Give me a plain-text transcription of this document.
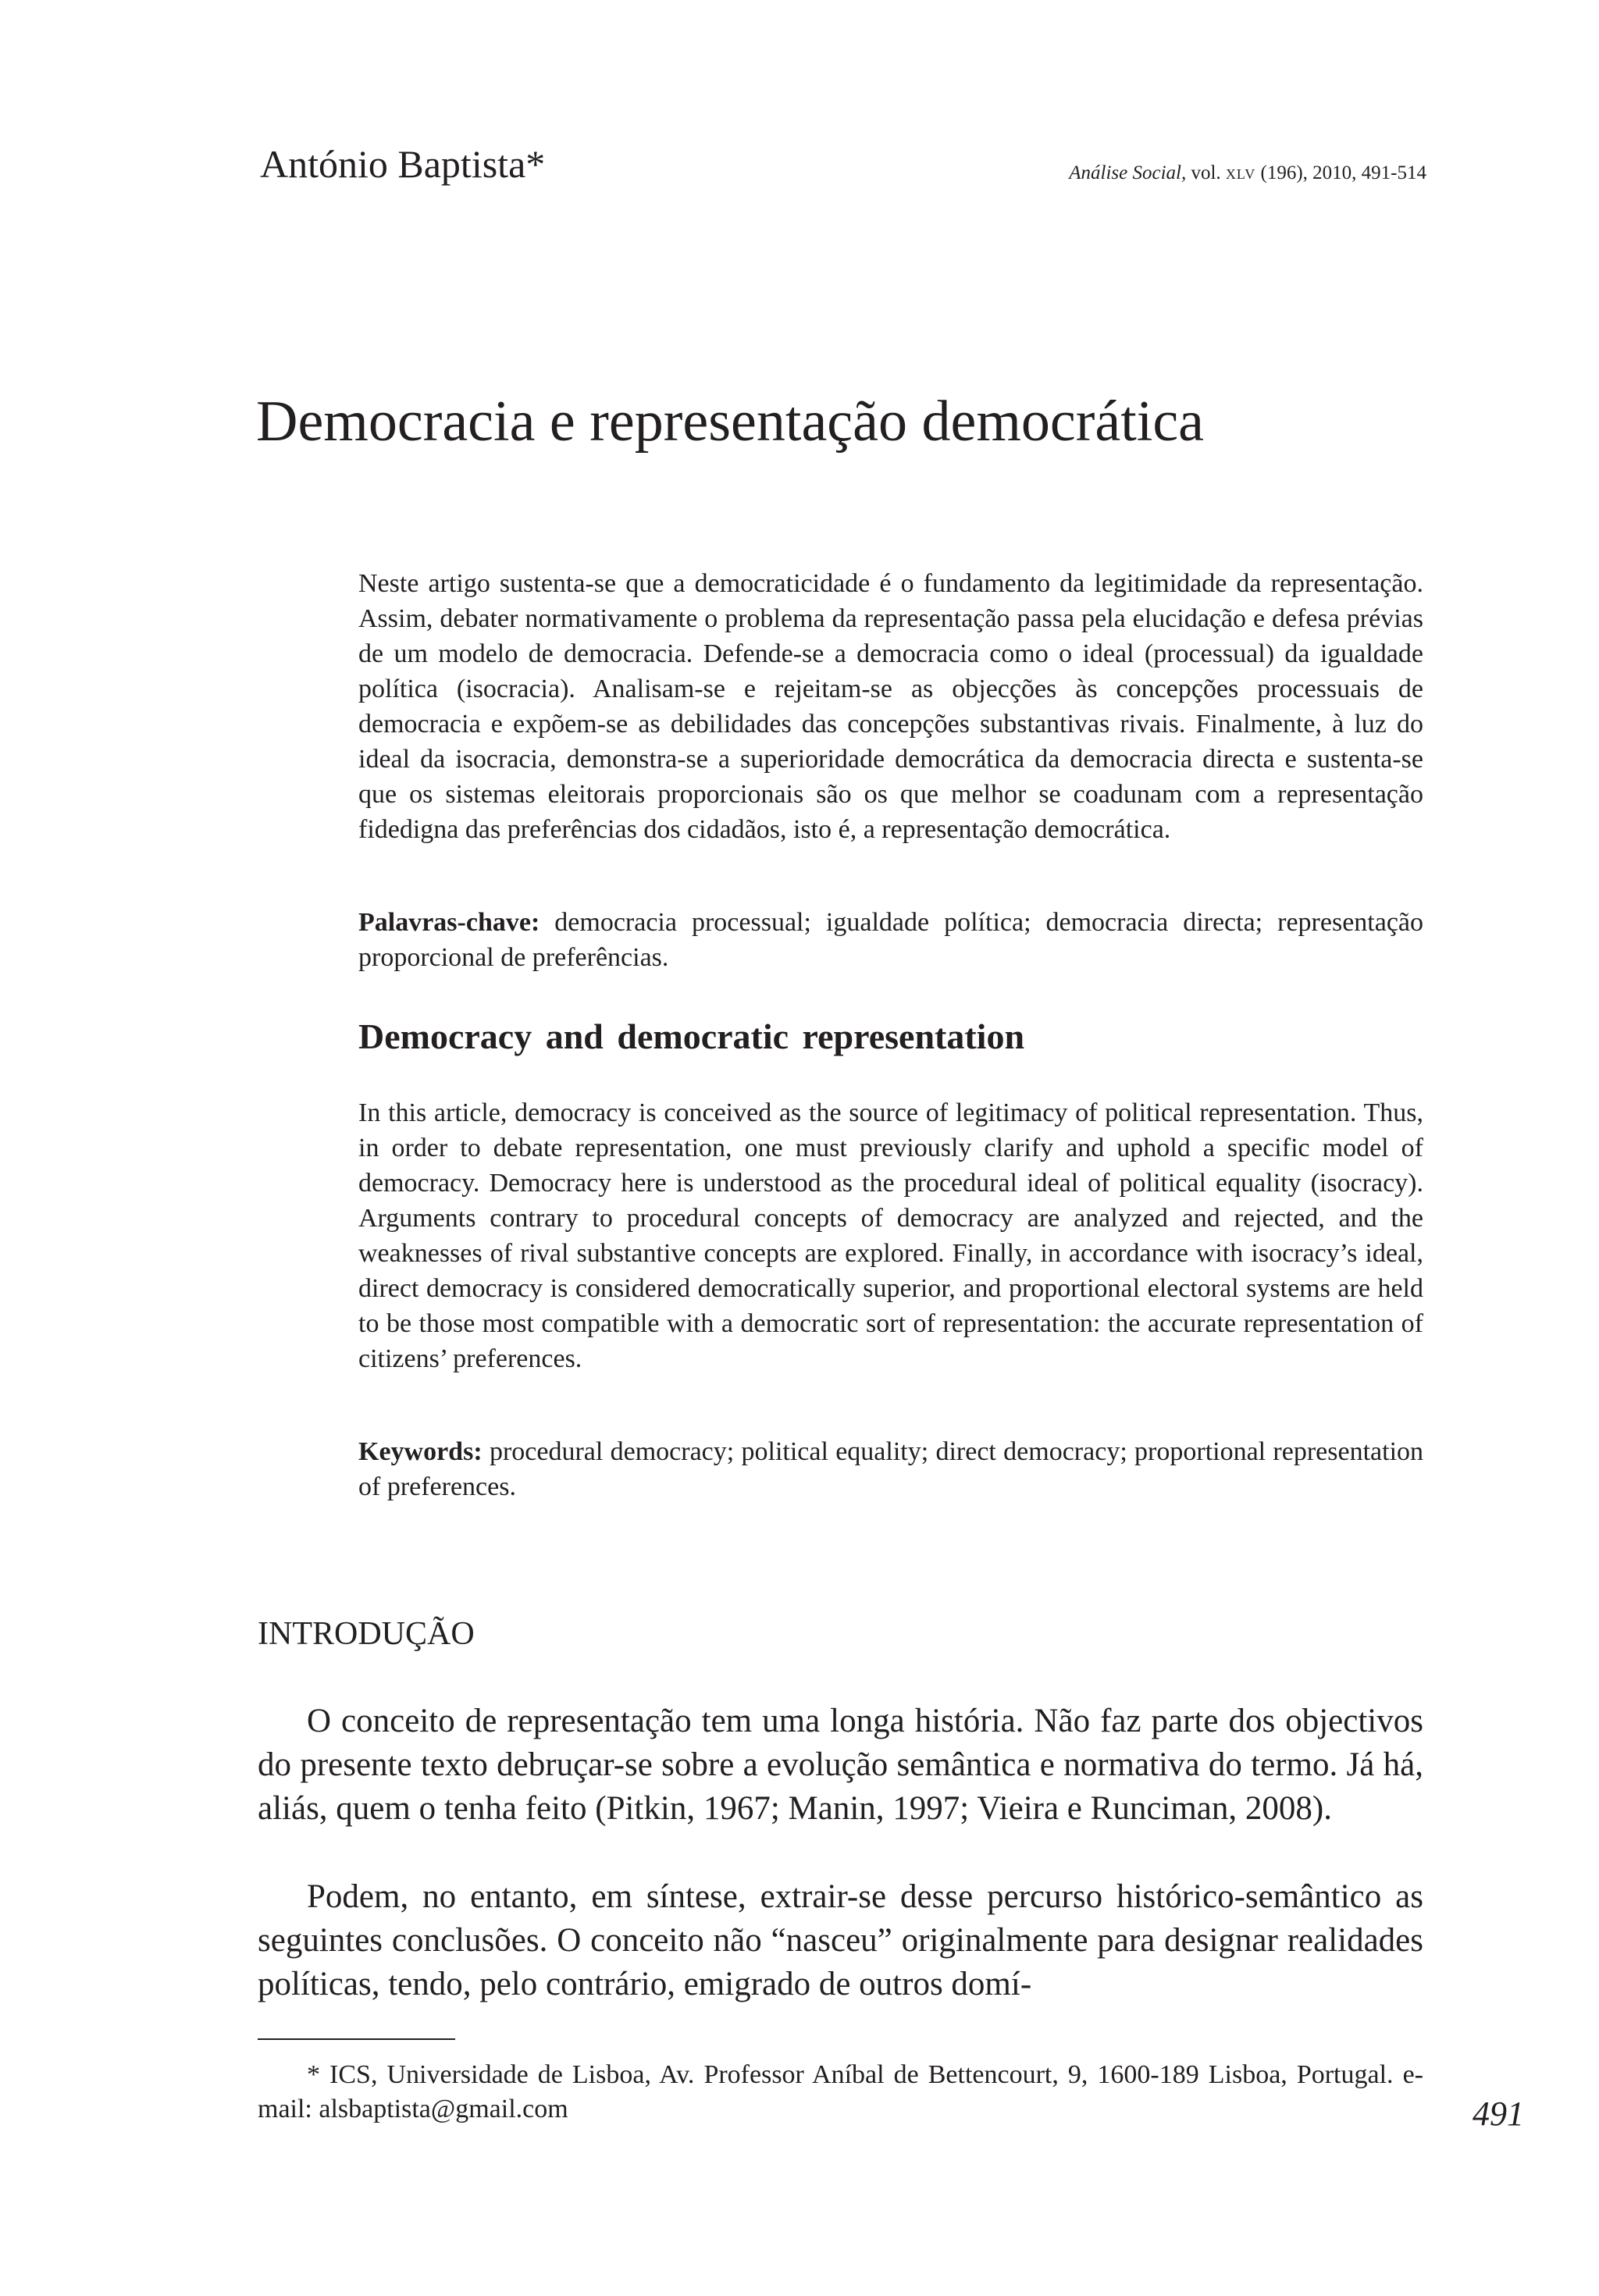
António Baptista*	Análise Social, vol. XLV (196), 2010, 491-514
Democracia e representação democrática

Neste artigo sustenta-se que a democraticidade é o fundamento da legitimidade da representação. Assim, debater normativamente o problema da representação passa pela elucidação e defesa prévias de um modelo de democracia. Defende-se a democracia como o ideal (processual) da igualdade política (isocracia). Analisam-se e rejeitam-se as objecções às concepções processuais de democracia e expõem-se as debilidades das concepções substantivas rivais. Finalmente, à luz do ideal da isocracia, demonstra-se a superioridade democrática da democracia directa e sustenta-se que os sistemas eleitorais proporcionais são os que melhor se coadunam com a representação fidedigna das preferências dos cidadãos, isto é, a representação democrática.

Palavras-chave: democracia processual; igualdade política; democracia directa; representação proporcional de preferências.

Democracy and democratic representation

In this article, democracy is conceived as the source of legitimacy of political representation. Thus, in order to debate representation, one must previously clarify and uphold a specific model of democracy. Democracy here is understood as the procedural ideal of political equality (isocracy). Arguments contrary to procedural concepts of democracy are analyzed and rejected, and the weaknesses of rival substantive concepts are explored. Finally, in accordance with isocracy’s ideal, direct democracy is considered democratically superior, and proportional electoral systems are held to be those most compatible with a democratic sort of representation: the accurate representation of citizens’ preferences.

Keywords: procedural democracy; political equality; direct democracy; proportional representation of preferences.

INTRODUÇÃO

O conceito de representação tem uma longa história. Não faz parte dos objectivos do presente texto debruçar-se sobre a evolução semântica e normativa do termo. Já há, aliás, quem o tenha feito (Pitkin, 1967; Manin, 1997; Vieira e Runciman, 2008).

Podem, no entanto, em síntese, extrair-se desse percurso histórico-semântico as seguintes conclusões. O conceito não “nasceu” originalmente para designar realidades políticas, tendo, pelo contrário, emigrado de outros domí-

* ICS, Universidade de Lisboa, Av. Professor Aníbal de Bettencourt, 9, 1600-189 Lisboa, Portugal. e-mail: alsbaptista@gmail.com	491
